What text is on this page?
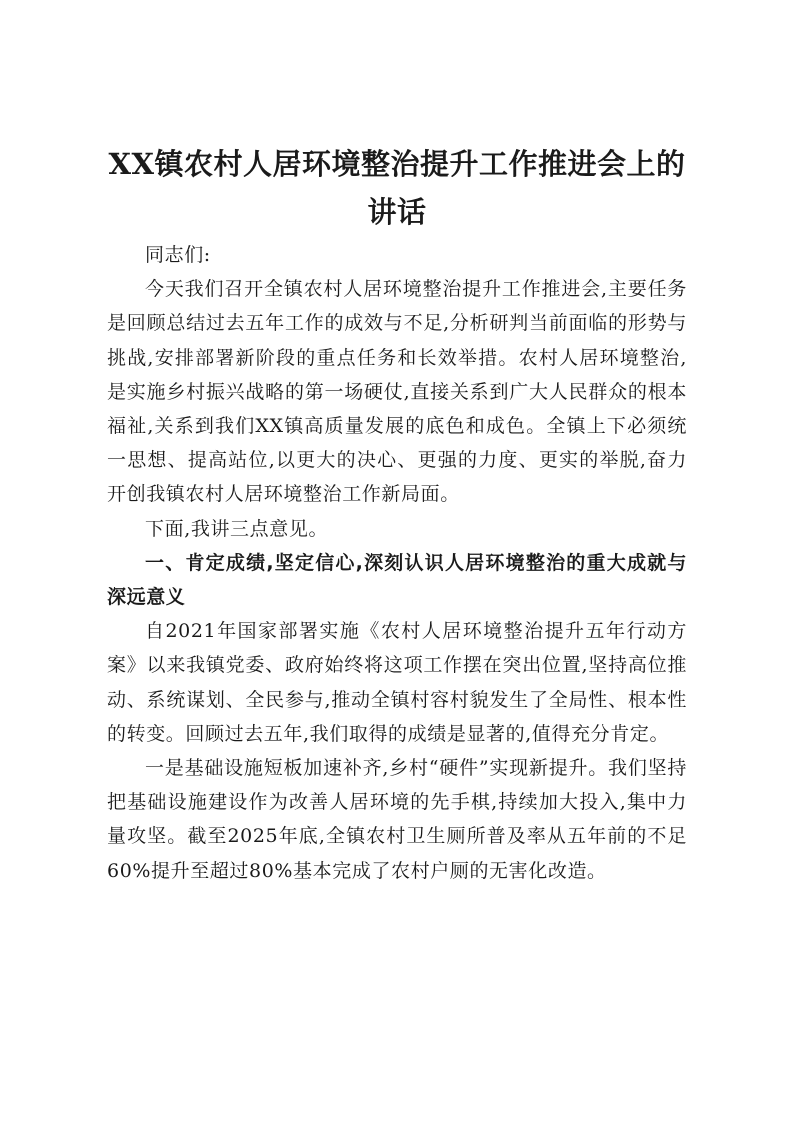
XX镇农村人居环境整治提升工作推进会上的讲话

同志们:

今天我们召开全镇农村人居环境整治提升工作推进会,主要任务是回顾总结过去五年工作的成效与不足,分析研判当前面临的形势与挑战,安排部署新阶段的重点任务和长效举措。农村人居环境整治,是实施乡村振兴战略的第一场硬仗,直接关系到广大人民群众的根本福祉,关系到我们XX镇高质量发展的底色和成色。全镇上下必须统一思想、提高站位,以更大的决心、更强的力度、更实的举脱,奋力开创我镇农村人居环境整治工作新局面。

下面,我讲三点意见。

一、肯定成绩,坚定信心,深刻认识人居环境整治的重大成就与深远意义

自2021年国家部署实施《农村人居环境整治提升五年行动方案》以来我镇党委、政府始终将这项工作摆在突出位置,坚持高位推动、系统谋划、全民参与,推动全镇村容村貌发生了全局性、根本性的转变。回顾过去五年,我们取得的成绩是显著的,值得充分肯定。

一是基础设施短板加速补齐,乡村“硬件”实现新提升。我们坚持把基础设施建设作为改善人居环境的先手棋,持续加大投入,集中力量攻坚。截至2025年底,全镇农村卫生厕所普及率从五年前的不足60%提升至超过80%基本完成了农村户厕的无害化改造。
